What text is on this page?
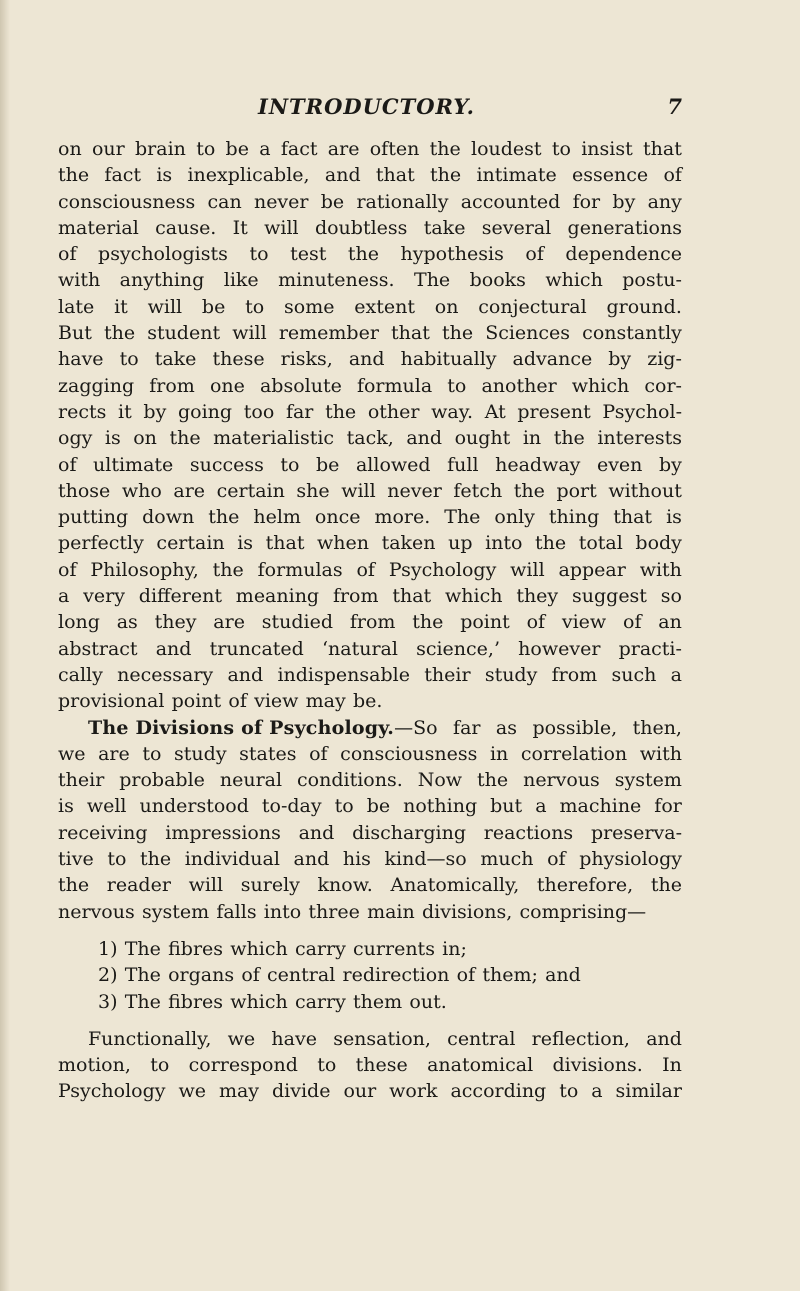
INTRODUCTORY.	7
on our brain to be a fact are often the loudest to insist that
the fact is inexplicable, and that the intimate essence of
consciousness can never be rationally accounted for by any
material cause. It will doubtless take several generations
of psychologists to test the hypothesis of dependence
with anything like minuteness. The books which postu-
late it will be to some extent on conjectural ground.
But the student will remember that the Sciences constantly
have to take these risks, and habitually advance by zig-
zagging from one absolute formula to another which cor-
rects it by going too far the other way. At present Psychol-
ogy is on the materialistic tack, and ought in the interests
of ultimate success to be allowed full headway even by
those who are certain she will never fetch the port without
putting down the helm once more. The only thing that is
perfectly certain is that when taken up into the total body
of Philosophy, the formulas of Psychology will appear with
a very different meaning from that which they suggest so
long as they are studied from the point of view of an
abstract and truncated ‘natural science,’ however practi-
cally necessary and indispensable their study from such a
provisional point of view may be.
The Divisions of Psychology.—So far as possible, then,
we are to study states of consciousness in correlation with
their probable neural conditions. Now the nervous system
is well understood to-day to be nothing but a machine for
receiving impressions and discharging reactions preserva-
tive to the individual and his kind—so much of physiology
the reader will surely know. Anatomically, therefore, the
nervous system falls into three main divisions, comprising—
1) The fibres which carry currents in;
2) The organs of central redirection of them; and
3) The fibres which carry them out.
Functionally, we have sensation, central reflection, and
motion, to correspond to these anatomical divisions. In
Psychology we may divide our work according to a similar
